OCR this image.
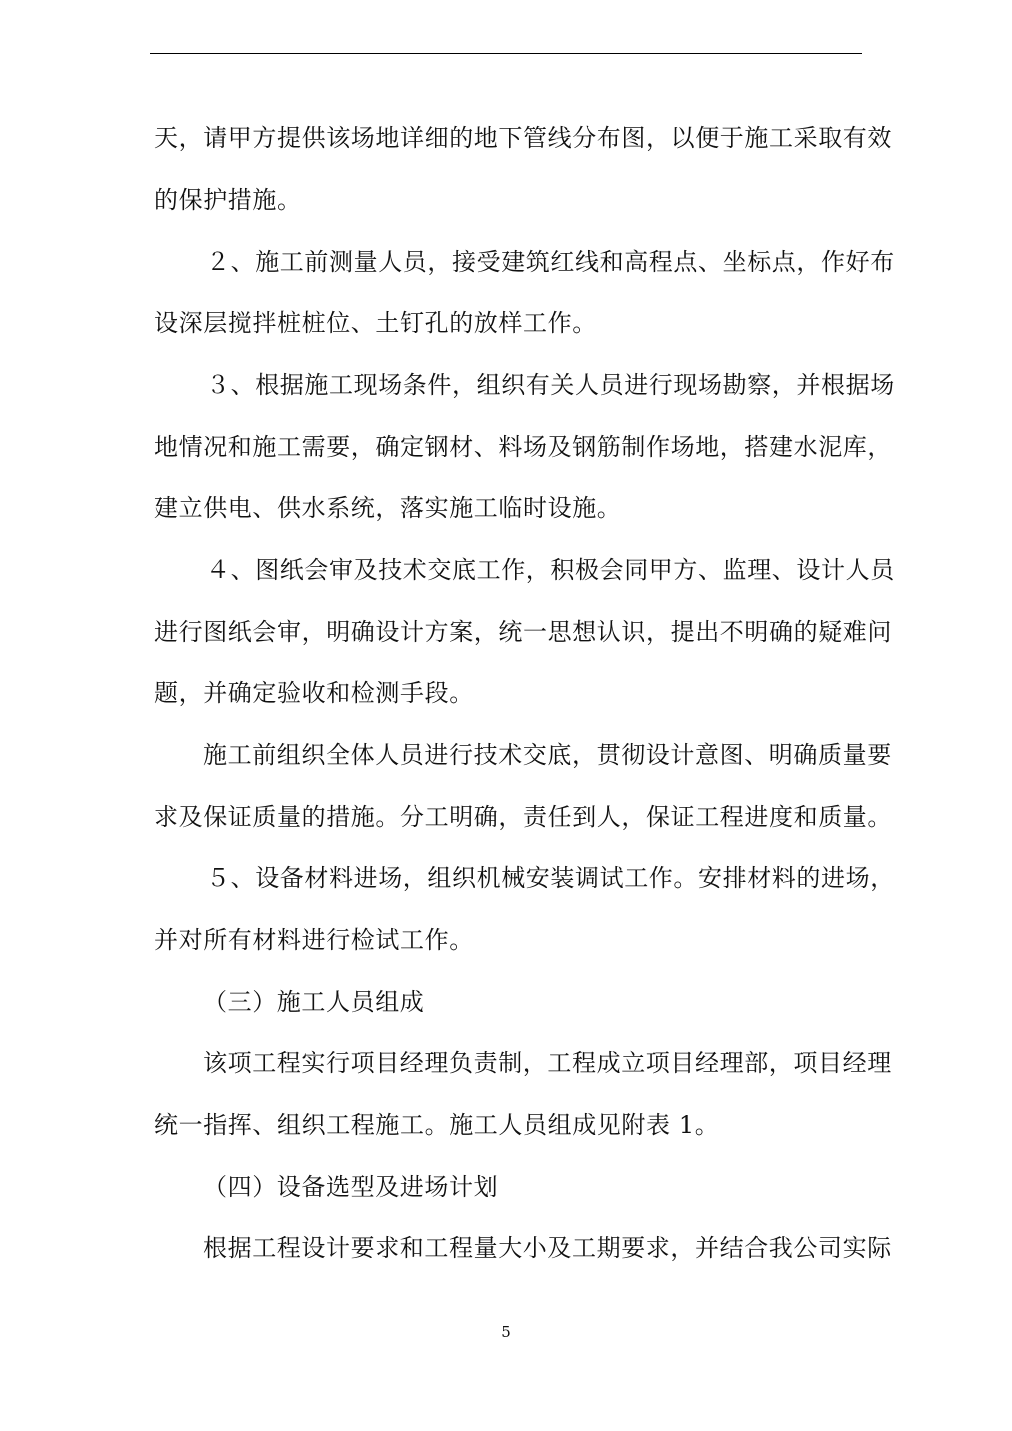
天，请甲方提供该场地详细的地下管线分布图，以便于施工采取有效
的保护措施。
２、施工前测量人员，接受建筑红线和高程点、坐标点，作好布
设深层搅拌桩桩位、土钉孔的放样工作。
３、根据施工现场条件，组织有关人员进行现场勘察，并根据场
地情况和施工需要，确定钢材、料场及钢筋制作场地，搭建水泥库，
建立供电、供水系统，落实施工临时设施。
４、图纸会审及技术交底工作，积极会同甲方、监理、设计人员
进行图纸会审，明确设计方案，统一思想认识，提出不明确的疑难问
题，并确定验收和检测手段。
施工前组织全体人员进行技术交底，贯彻设计意图、明确质量要
求及保证质量的措施。分工明确，责任到人，保证工程进度和质量。
５、设备材料进场，组织机械安装调试工作。安排材料的进场，
并对所有材料进行检试工作。
（三）施工人员组成
该项工程实行项目经理负责制，工程成立项目经理部，项目经理
统一指挥、组织工程施工。施工人员组成见附表 1。
（四）设备选型及进场计划
根据工程设计要求和工程量大小及工期要求，并结合我公司实际
5
